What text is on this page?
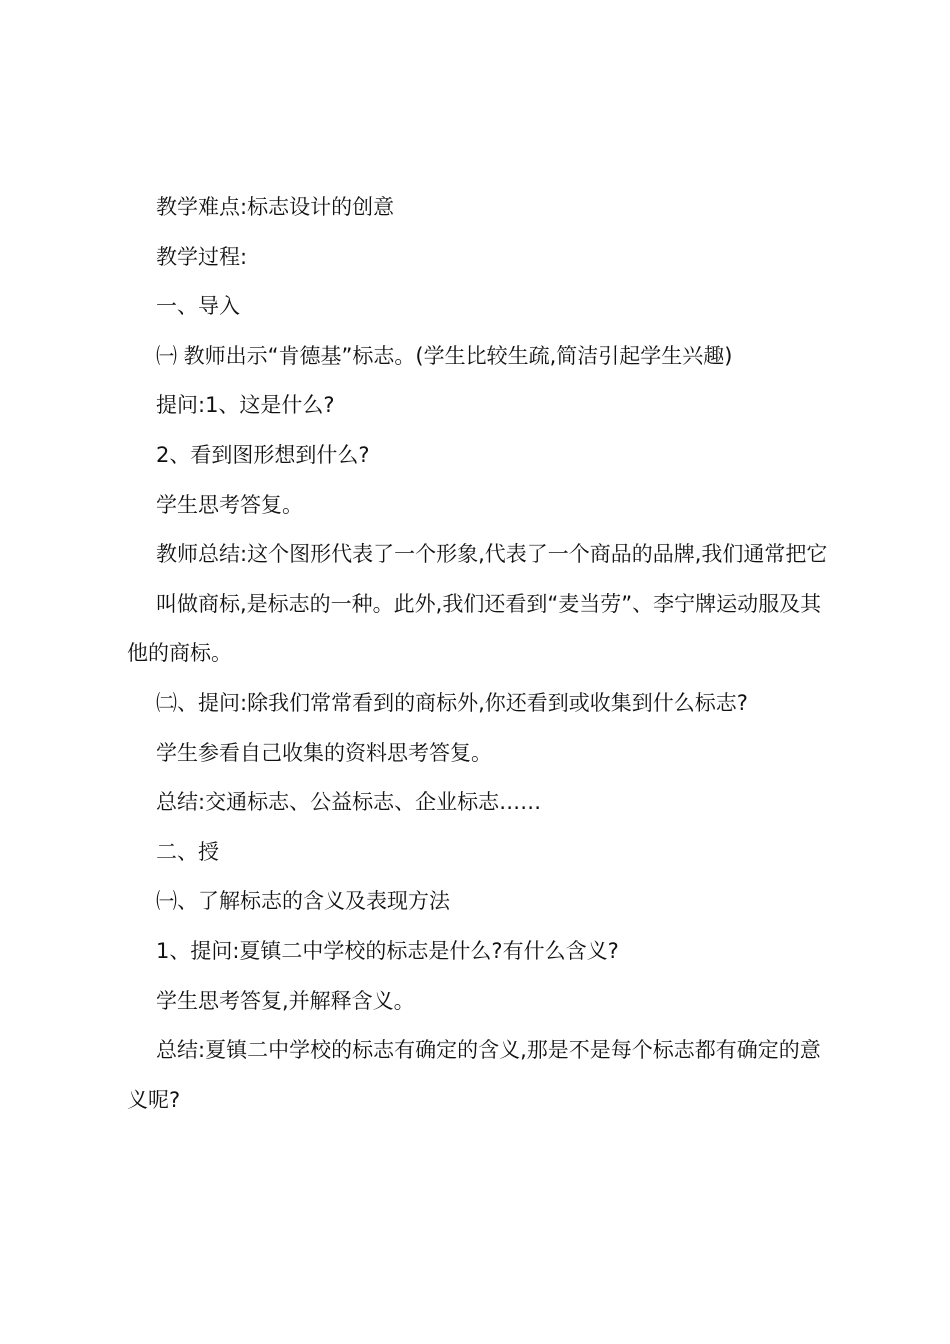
教学难点:标志设计的创意

教学过程:

一、导入

㈠ 教师出示“肯德基”标志。(学生比较生疏,简洁引起学生兴趣)

提问:1、这是什么?

2、看到图形想到什么?

学生思考答复。

教师总结:这个图形代表了一个形象,代表了一个商品的品牌,我们通常把它

叫做商标,是标志的一种。此外,我们还看到“麦当劳”、李宁牌运动服及其他的商标。

㈡、提问:除我们常常看到的商标外,你还看到或收集到什么标志?

学生参看自己收集的资料思考答复。

总结:交通标志、公益标志、企业标志……

二、授

㈠、了解标志的含义及表现方法

1、提问:夏镇二中学校的标志是什么?有什么含义?

学生思考答复,并解释含义。

总结:夏镇二中学校的标志有确定的含义,那是不是每个标志都有确定的意义呢?
